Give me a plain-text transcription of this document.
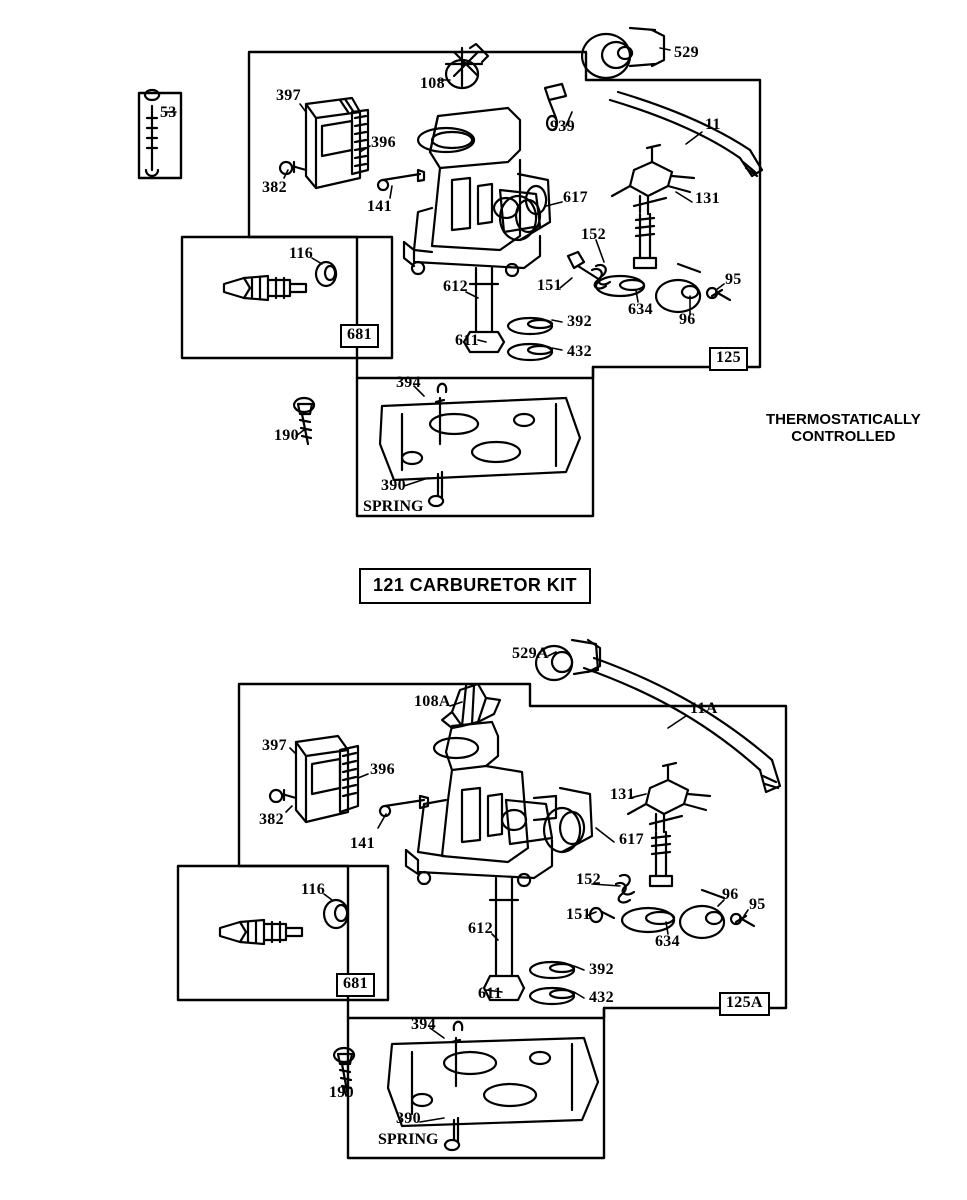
53
108
529
939	11
397
396
382
141
617	131
152
116
151
634
95
96
612
392
611
432
681
125
394
190
390
SPRING
THERMOSTATICALLY
CONTROLLED
121 CARBURETOR KIT
529A
108A	11A
397
396
382
141
131
617
152
116	96
151
95
634
612
392
611	432
681
125A
394
190
390
SPRING
